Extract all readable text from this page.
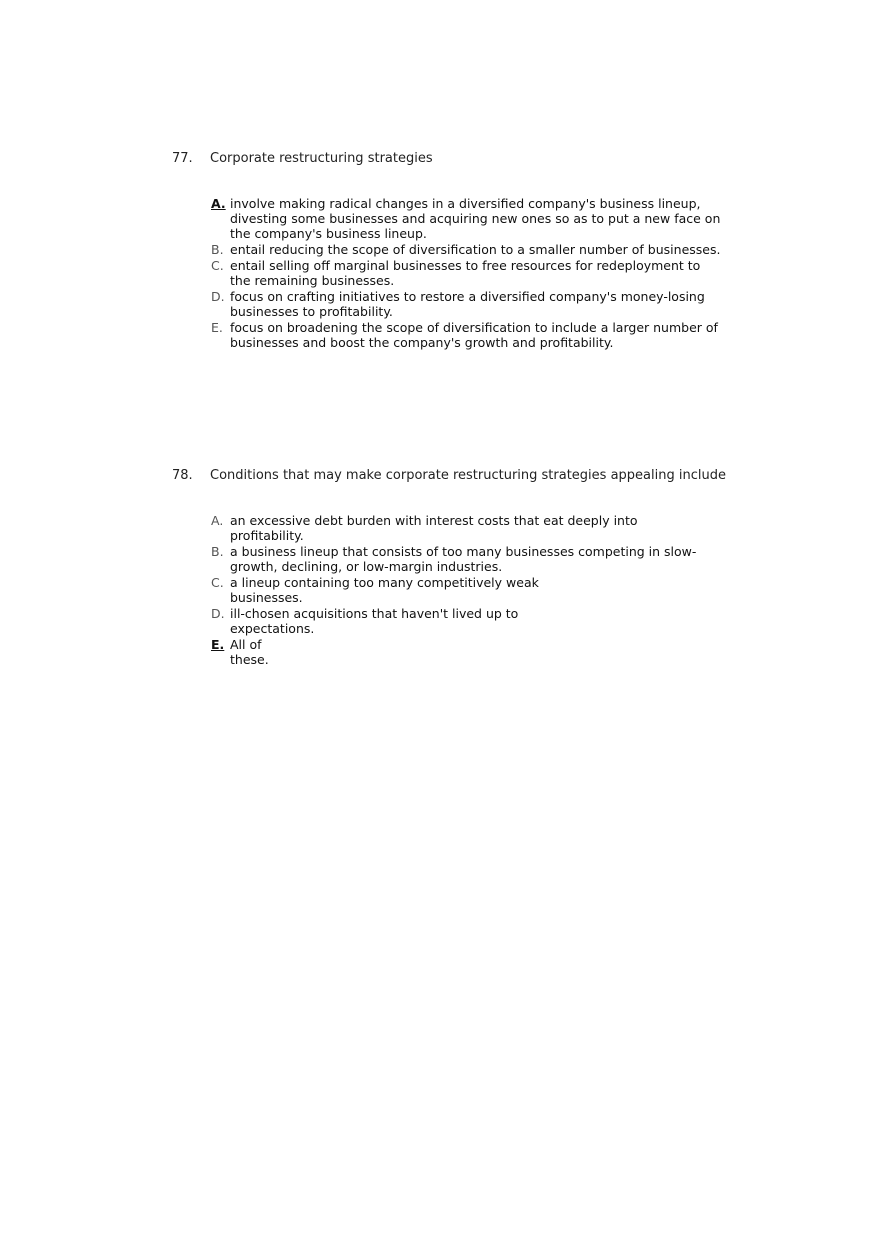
77.	Corporate restructuring strategies
A. involve making radical changes in a diversified company's business lineup, divesting some businesses and acquiring new ones so as to put a new face on the company's business lineup.
B. entail reducing the scope of diversification to a smaller number of businesses.
C. entail selling off marginal businesses to free resources for redeployment to the remaining businesses.
D. focus on crafting initiatives to restore a diversified company's money-losing businesses to profitability.
E. focus on broadening the scope of diversification to include a larger number of businesses and boost the company's growth and profitability.
78.	Conditions that may make corporate restructuring strategies appealing include
A. an excessive debt burden with interest costs that eat deeply into profitability.
B. a business lineup that consists of too many businesses competing in slow-growth, declining, or low-margin industries.
C. a lineup containing too many competitively weak businesses.
D. ill-chosen acquisitions that haven't lived up to expectations.
E. All of these.
